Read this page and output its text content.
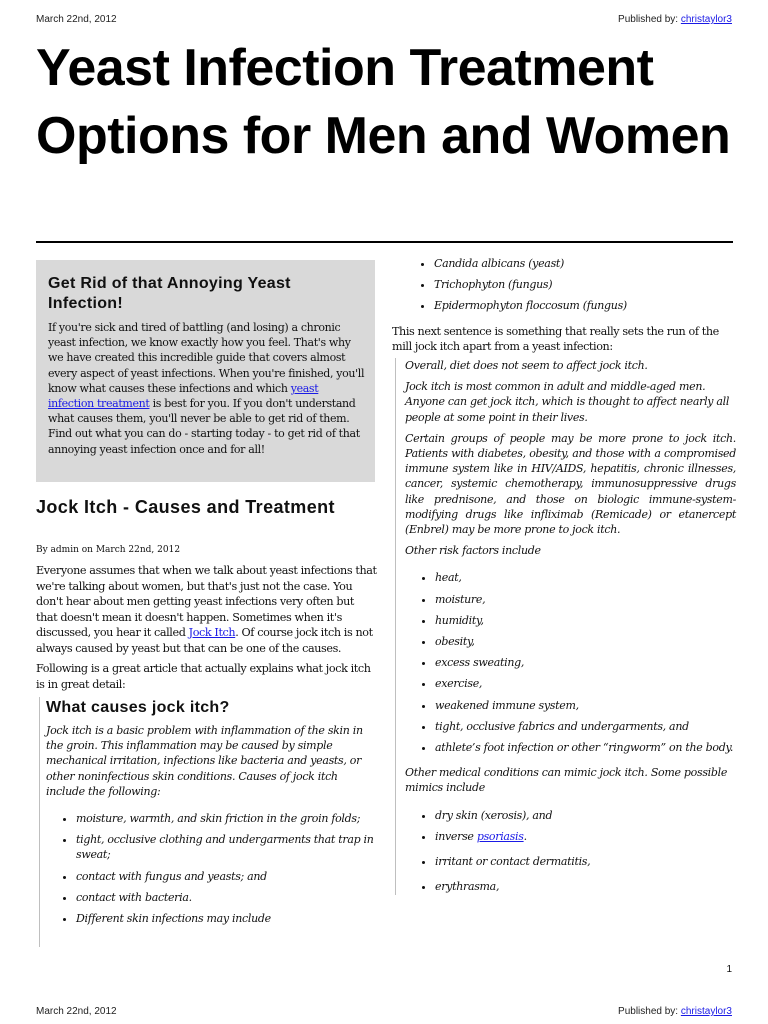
March 22nd, 2012	Published by: christaylor3
Yeast Infection Treatment Options for Men and Women
Get Rid of that Annoying Yeast Infection!

If you're sick and tired of battling (and losing) a chronic yeast infection, we know exactly how you feel. That's why we have created this incredible guide that covers almost every aspect of yeast infections. When you're finished, you'll know what causes these infections and which yeast infection treatment is best for you. If you don't understand what causes them, you'll never be able to get rid of them. Find out what you can do - starting today - to get rid of that annoying yeast infection once and for all!

Jock Itch - Causes and Treatment
By admin on March 22nd, 2012

Everyone assumes that when we talk about yeast infections that we're talking about women, but that's just not the case. You don't hear about men getting yeast infections very often but that doesn't mean it doesn't happen. Sometimes when it's discussed, you hear it called Jock Itch. Of course jock itch is not always caused by yeast but that can be one of the causes.

Following is a great article that actually explains what jock itch is in great detail:

What causes jock itch?

Jock itch is a basic problem with inflammation of the skin in the groin. This inflammation may be caused by simple mechanical irritation, infections like bacteria and yeasts, or other noninfectious skin conditions. Causes of jock itch include the following:

• moisture, warmth, and skin friction in the groin folds;
• tight, occlusive clothing and undergarments that trap in sweat;
• contact with fungus and yeasts; and
• contact with bacteria.
• Different skin infections may include
• Candida albicans (yeast)
• Trichophyton (fungus)
• Epidermophyton floccosum (fungus)

This next sentence is something that really sets the run of the mill jock itch apart from a yeast infection:

Overall, diet does not seem to affect jock itch.

Jock itch is most common in adult and middle-aged men. Anyone can get jock itch, which is thought to affect nearly all people at some point in their lives.

Certain groups of people may be more prone to jock itch. Patients with diabetes, obesity, and those with a compromised immune system like in HIV/AIDS, hepatitis, chronic illnesses, cancer, systemic chemotherapy, immunosuppressive drugs like prednisone, and those on biologic immune-system-modifying drugs like infliximab (Remicade) or etanercept (Enbrel) may be more prone to jock itch.

Other risk factors include

• heat,
• moisture,
• humidity,
• obesity,
• excess sweating,
• exercise,
• weakened immune system,
• tight, occlusive fabrics and undergarments, and
• athlete’s foot infection or other “ringworm” on the body.

Other medical conditions can mimic jock itch. Some possible mimics include

• dry skin (xerosis), and
• inverse psoriasis.
• irritant or contact dermatitis,
• erythrasma,
1
March 22nd, 2012	Published by: christaylor3
